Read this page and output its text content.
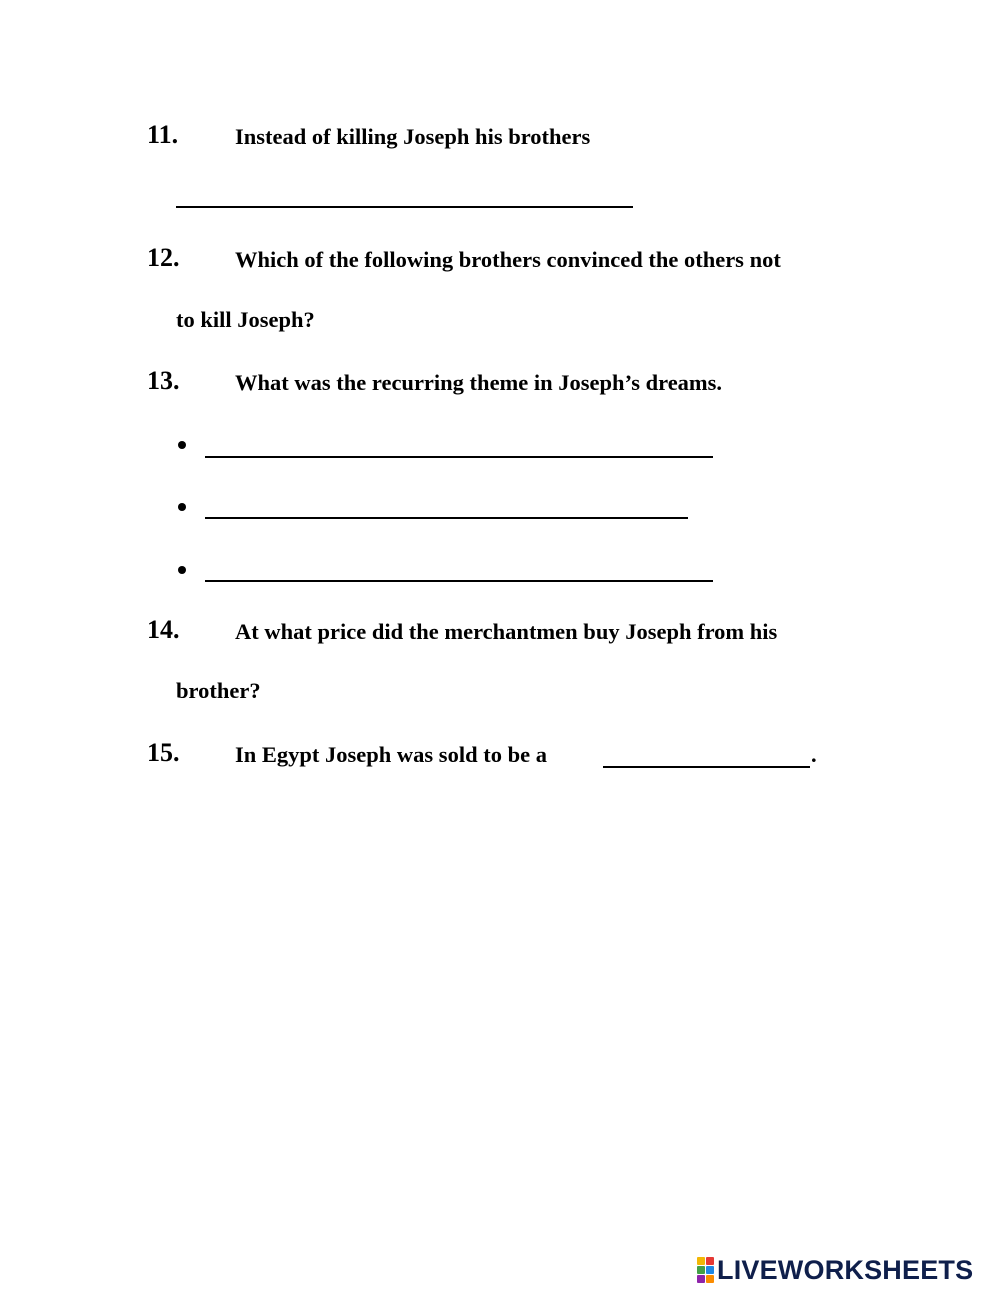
11.	Instead of killing Joseph his brothers
12. Which of the following brothers convinced the others not
to kill Joseph?
13. What was the recurring theme in Joseph’s dreams.
14. At what price did the merchantmen buy Joseph from his
brother?
15. In Egypt Joseph was sold to be a	.
LIVEWORKSHEETS
